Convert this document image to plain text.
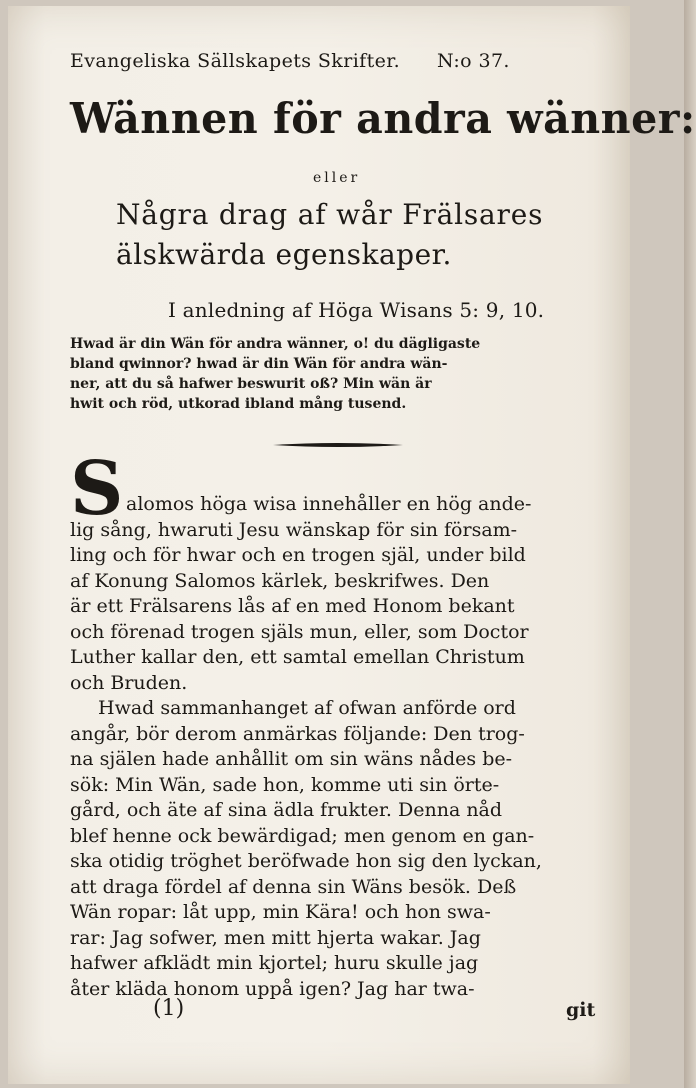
Evangeliska Sällskapets Skrifter. N:o 37.
Wännen för andra wänner:
eller
Några drag af wår Frälsares
älskwärda egenskaper.
I anledning af Höga Wisans 5: 9, 10.
Hwad är din Wän för andra wänner, o! du dägligaste
bland qwinnor? hwad är din Wän för andra wän-
ner, att du så hafwer beswurit oß? Min wän är
hwit och röd, utkorad ibland mång tusend.
S alomos höga wisa innehåller en hög ande-
lig sång, hwaruti Jesu wänskap för sin försam-
ling och för hwar och en trogen själ, under bild
af Konung Salomos kärlek, beskrifwes. Den
är ett Frälsarens lås af en med Honom bekant
och förenad trogen själs mun, eller, som Doctor
Luther kallar den, ett samtal emellan Christum
och Bruden.
Hwad sammanhanget af ofwan anförde ord
angår, bör derom anmärkas följande: Den trog-
na själen hade anhållit om sin wäns nådes be-
sök: Min Wän, sade hon, komme uti sin örte-
gård, och äte af sina ädla frukter. Denna nåd
blef henne ock bewärdigad; men genom en gan-
ska otidig tröghet beröfwade hon sig den lyckan,
att draga fördel af denna sin Wäns besök. Deß
Wän ropar: låt upp, min Kära! och hon swa-
rar: Jag sofwer, men mitt hjerta wakar. Jag
hafwer afklädt min kjortel; huru skulle jag
åter kläda honom uppå igen? Jag har twa-
(1)	git
